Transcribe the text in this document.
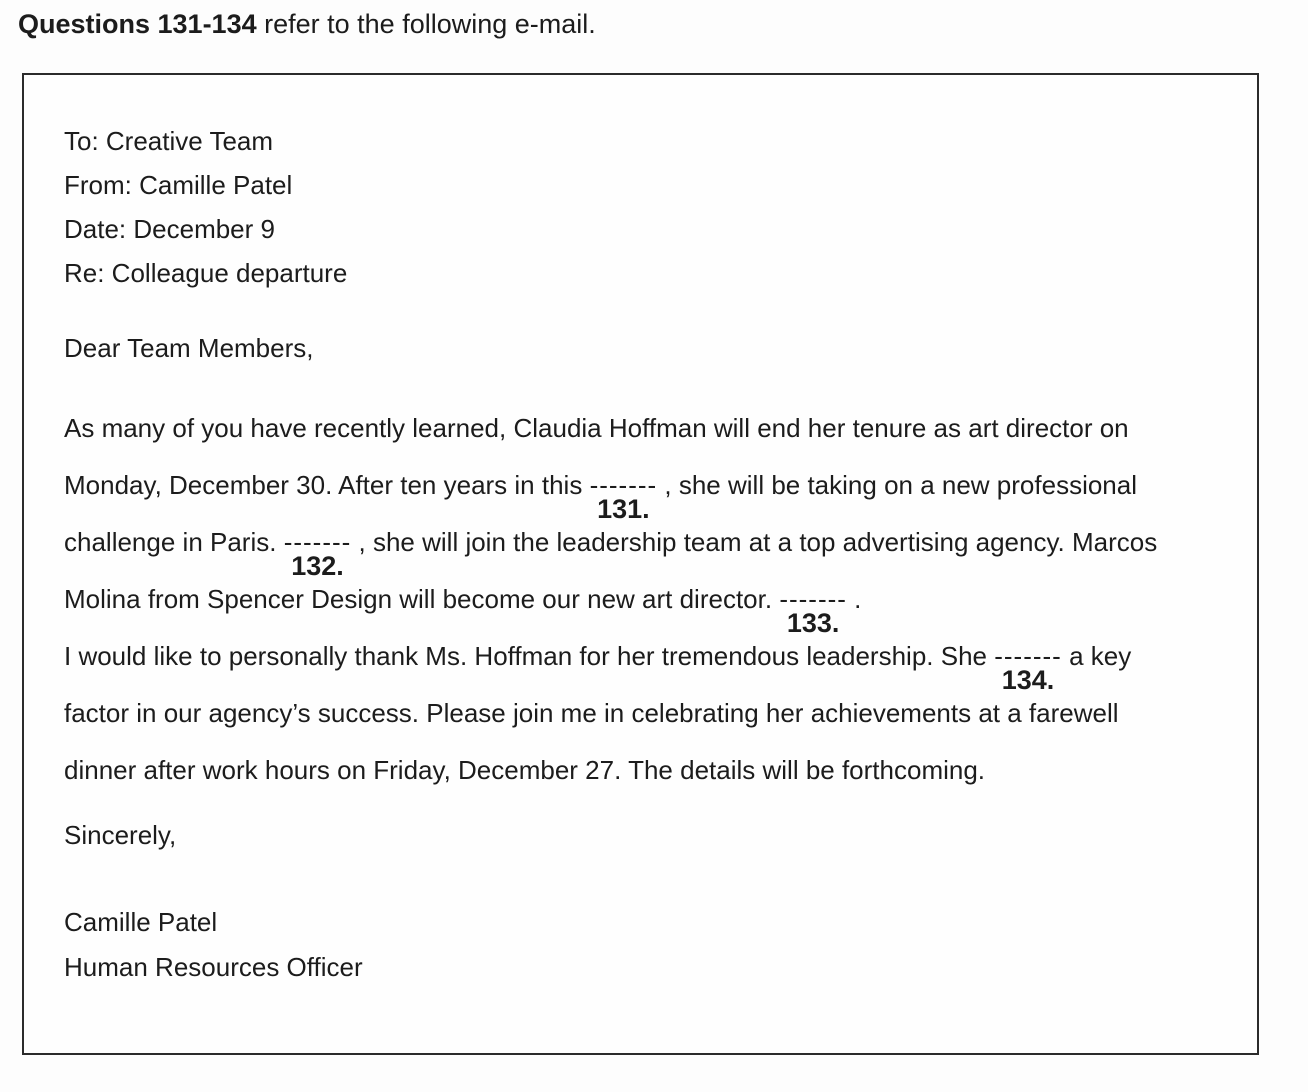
Questions 131-134 refer to the following e-mail.
To: Creative Team
From: Camille Patel
Date: December 9
Re: Colleague departure
Dear Team Members,
As many of you have recently learned, Claudia Hoffman will end her tenure as art director on
Monday, December 30. After ten years in this -------
131.
, she will be taking on a new professional
challenge in Paris. -------
132.
, she will join the leadership team at a top advertising agency. Marcos
Molina from Spencer Design will become our new art director. -------
133.
.
I would like to personally thank Ms. Hoffman for her tremendous leadership. She -------
134.
a key
factor in our agency’s success. Please join me in celebrating her achievements at a farewell
dinner after work hours on Friday, December 27. The details will be forthcoming.
Sincerely,
Camille Patel
Human Resources Officer
